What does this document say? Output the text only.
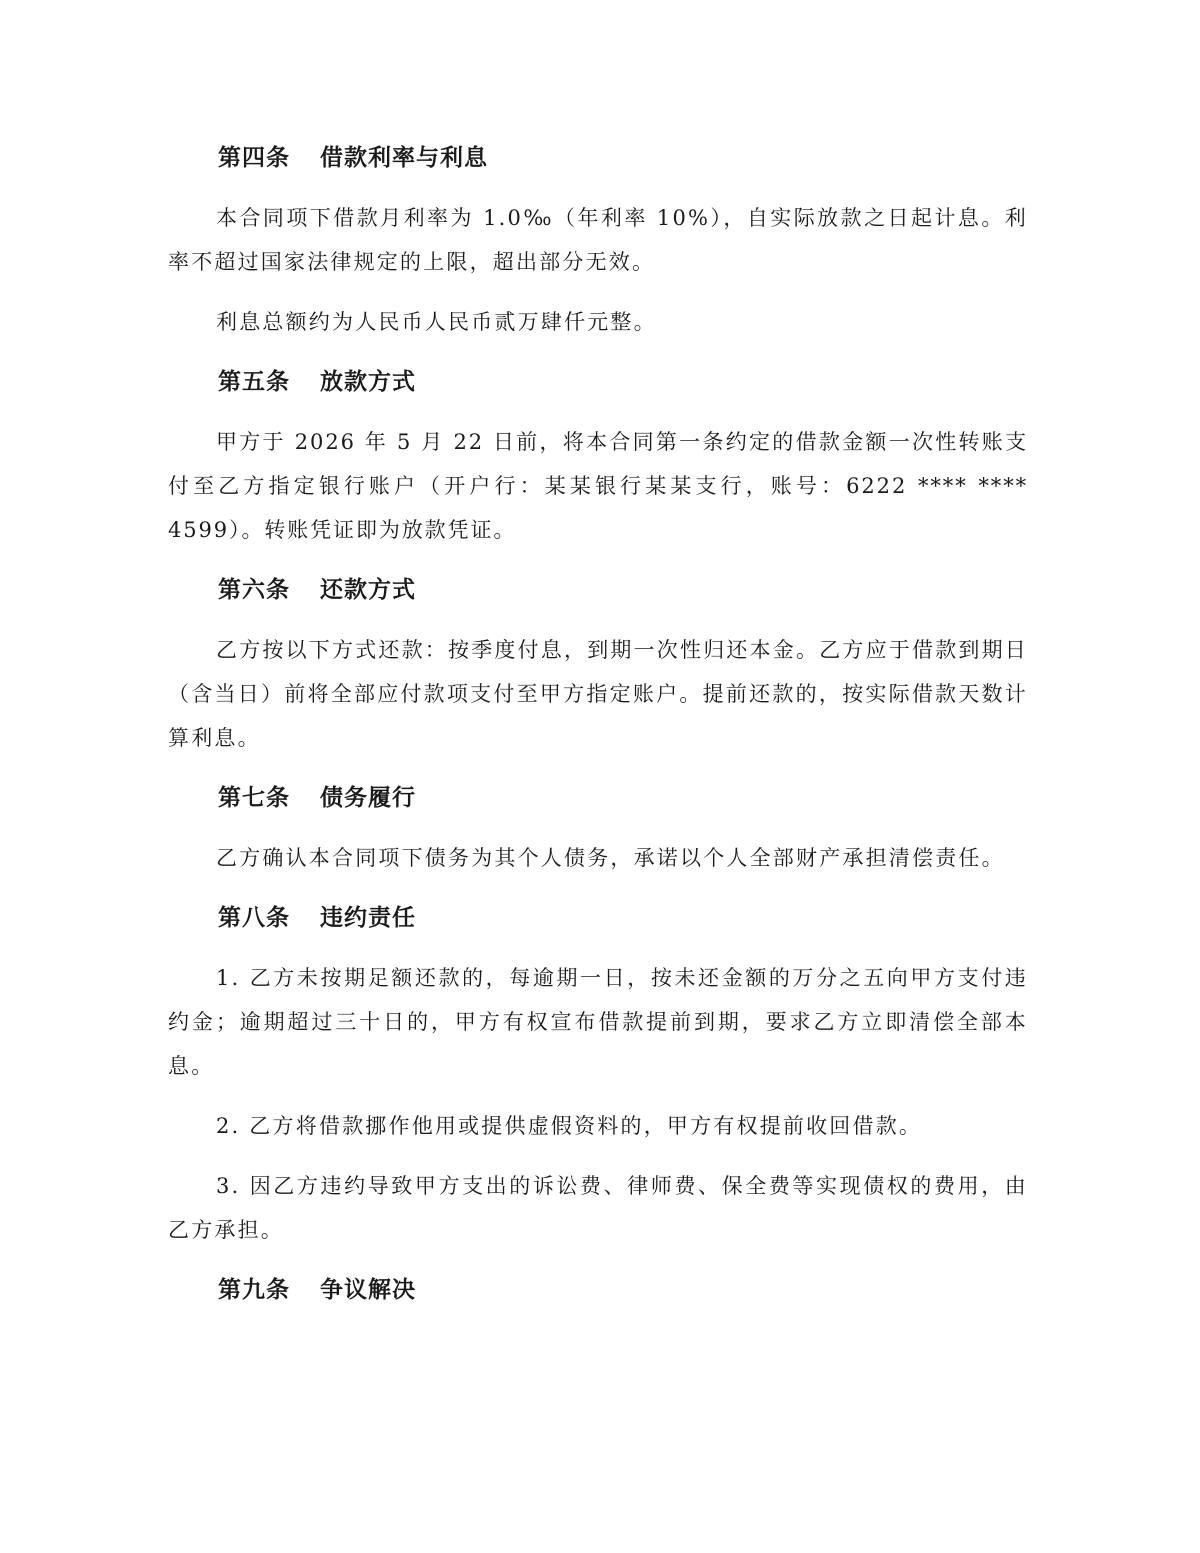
第四条 借款利率与利息

本合同项下借款月利率为 1.0‰（年利率 10%），自实际放款之日起计息。利率不超过国家法律规定的上限，超出部分无效。

利息总额约为人民币人民币贰万肆仟元整。

第五条 放款方式

甲方于 2026 年 5 月 22 日前，将本合同第一条约定的借款金额一次性转账支付至乙方指定银行账户（开户行：某某银行某某支行，账号：6222 **** **** 4599）。转账凭证即为放款凭证。

第六条 还款方式

乙方按以下方式还款：按季度付息，到期一次性归还本金。乙方应于借款到期日（含当日）前将全部应付款项支付至甲方指定账户。提前还款的，按实际借款天数计算利息。

第七条 债务履行

乙方确认本合同项下债务为其个人债务，承诺以个人全部财产承担清偿责任。

第八条 违约责任

1. 乙方未按期足额还款的，每逾期一日，按未还金额的万分之五向甲方支付违约金；逾期超过三十日的，甲方有权宣布借款提前到期，要求乙方立即清偿全部本息。

2. 乙方将借款挪作他用或提供虚假资料的，甲方有权提前收回借款。

3. 因乙方违约导致甲方支出的诉讼费、律师费、保全费等实现债权的费用，由乙方承担。

第九条 争议解决
